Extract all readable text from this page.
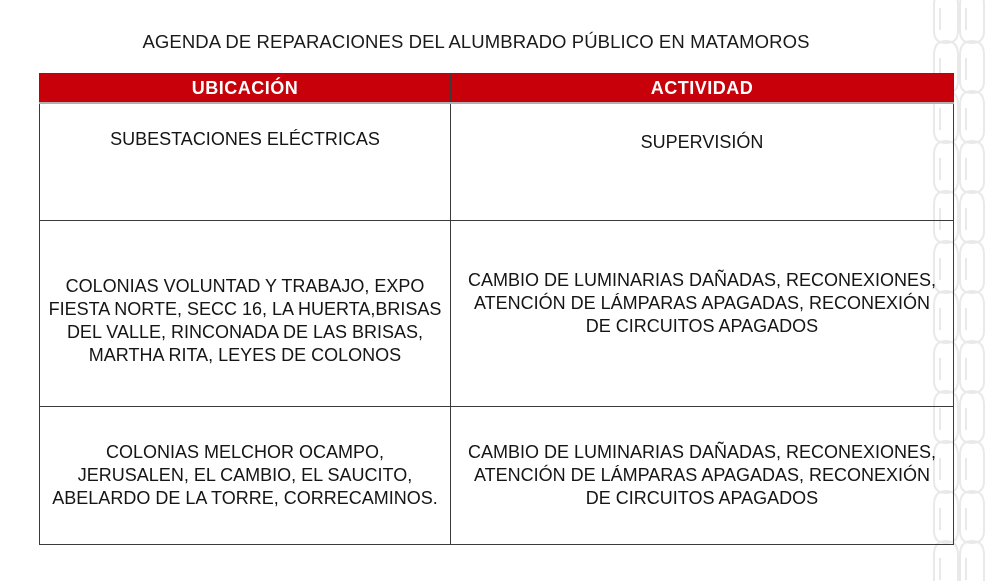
AGENDA DE REPARACIONES DEL ALUMBRADO PÚBLICO EN MATAMOROS
UBICACIÓN	ACTIVIDAD
SUBESTACIONES ELÉCTRICAS	SUPERVISIÓN
COLONIAS VOLUNTAD Y TRABAJO, EXPO FIESTA NORTE, SECC 16, LA HUERTA,BRISAS DEL VALLE, RINCONADA DE LAS BRISAS, MARTHA RITA, LEYES DE COLONOS	CAMBIO DE LUMINARIAS DAÑADAS, RECONEXIONES, ATENCIÓN DE LÁMPARAS APAGADAS, RECONEXIÓN DE CIRCUITOS APAGADOS
COLONIAS MELCHOR OCAMPO, JERUSALEN, EL CAMBIO, EL SAUCITO, ABELARDO DE LA TORRE, CORRECAMINOS.	CAMBIO DE LUMINARIAS DAÑADAS, RECONEXIONES, ATENCIÓN DE LÁMPARAS APAGADAS, RECONEXIÓN DE CIRCUITOS APAGADOS
